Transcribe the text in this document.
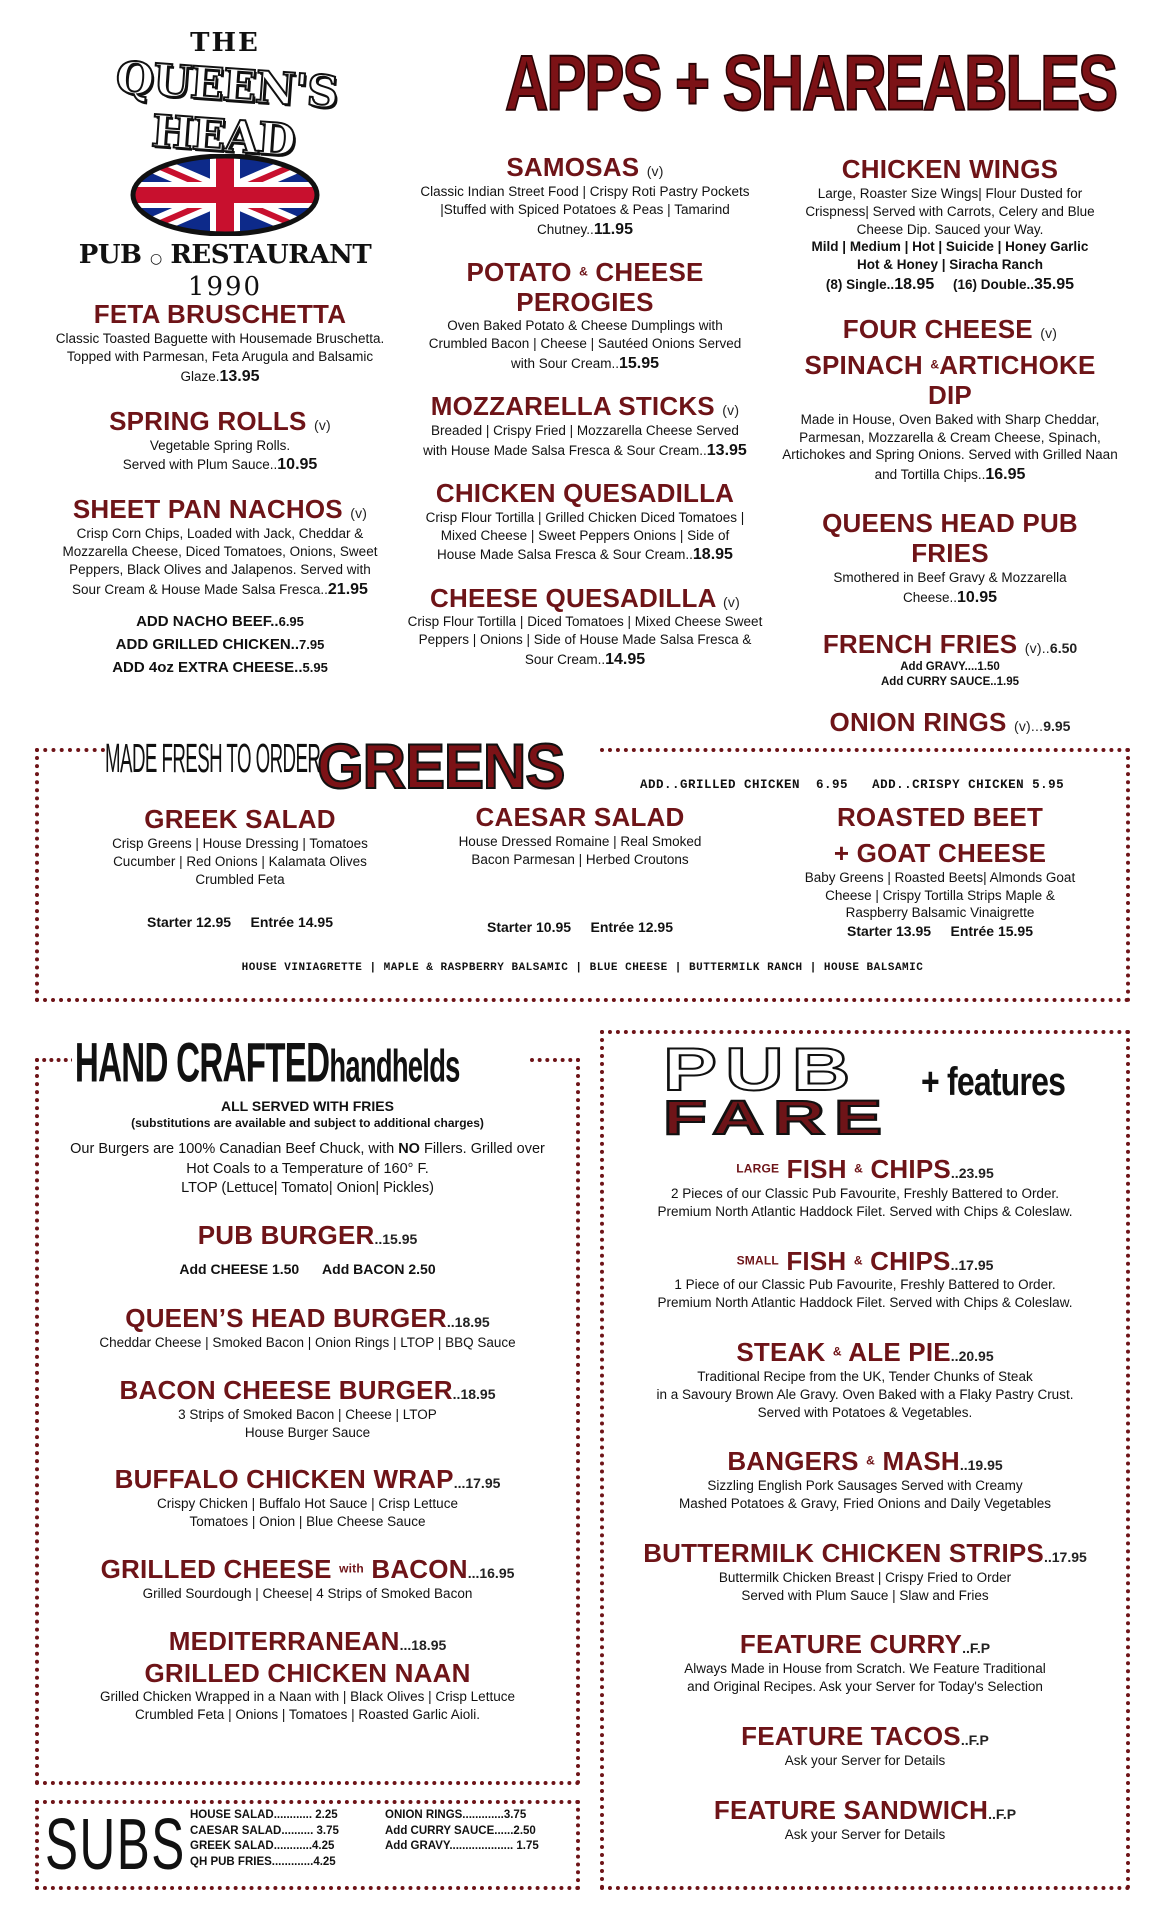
THE
QUEEN'S HEAD
PUB ○ RESTAURANT
1990
APPS + SHAREABLES
FETA BRUSCHETTA
Classic Toasted Baguette with Housemade Bruschetta. Topped with Parmesan, Feta Arugula and Balsamic Glaze.13.95
SPRING ROLLS (v)
Vegetable Spring Rolls.
Served with Plum Sauce..10.95
SHEET PAN NACHOS (v)
Crisp Corn Chips, Loaded with Jack, Cheddar & Mozzarella Cheese, Diced Tomatoes, Onions, Sweet Peppers, Black Olives and Jalapenos. Served with Sour Cream & House Made Salsa Fresca..21.95
ADD NACHO BEEF..6.95
ADD GRILLED CHICKEN..7.95
ADD 4oz EXTRA CHEESE..5.95
SAMOSAS (v)
Classic Indian Street Food | Crispy Roti Pastry Pockets |Stuffed with Spiced Potatoes & Peas | Tamarind Chutney..11.95
POTATO & CHEESE PEROGIES
Oven Baked Potato & Cheese Dumplings with Crumbled Bacon | Cheese | Sautéed Onions Served with Sour Cream..15.95
MOZZARELLA STICKS (v)
Breaded | Crispy Fried | Mozzarella Cheese Served with House Made Salsa Fresca & Sour Cream..13.95
CHICKEN QUESADILLA
Crisp Flour Tortilla | Grilled Chicken Diced Tomatoes | Mixed Cheese | Sweet Peppers Onions | Side of House Made Salsa Fresca & Sour Cream..18.95
CHEESE QUESADILLA (v)
Crisp Flour Tortilla | Diced Tomatoes | Mixed Cheese Sweet Peppers | Onions | Side of House Made Salsa Fresca & Sour Cream..14.95
CHICKEN WINGS
Large, Roaster Size Wings| Flour Dusted for Crispness| Served with Carrots, Celery and Blue Cheese Dip. Sauced your Way.
Mild | Medium | Hot | Suicide | Honey Garlic
Hot & Honey | Siracha Ranch
(8) Single..18.95 (16) Double..35.95
FOUR CHEESE (v)
SPINACH &ARTICHOKE DIP
Made in House, Oven Baked with Sharp Cheddar, Parmesan, Mozzarella & Cream Cheese, Spinach, Artichokes and Spring Onions. Served with Grilled Naan and Tortilla Chips..16.95
QUEENS HEAD PUB FRIES
Smothered in Beef Gravy & Mozzarella
Cheese..10.95
FRENCH FRIES (v)..6.50
Add GRAVY....1.50
Add CURRY SAUCE..1.95
ONION RINGS (v)...9.95
MADE FRESH TO ORDER
GREENS	ADD..GRILLED CHICKEN  6.95 ADD..CRISPY CHICKEN 5.95
GREEK SALAD
Crisp Greens | House Dressing | Tomatoes Cucumber | Red Onions | Kalamata Olives Crumbled Feta
Starter 12.95 Entrée 14.95
CAESAR SALAD
House Dressed Romaine | Real Smoked Bacon Parmesan | Herbed Croutons
Starter 10.95 Entrée 12.95
ROASTED BEET
+ GOAT CHEESE
Baby Greens | Roasted Beets| Almonds Goat Cheese | Crispy Tortilla Strips Maple & Raspberry Balsamic Vinaigrette
Starter 13.95 Entrée 15.95
HOUSE VINIAGRETTE | MAPLE & RASPBERRY BALSAMIC | BLUE CHEESE | BUTTERMILK RANCH | HOUSE BALSAMIC
HAND CRAFTEDhandhelds
ALL SERVED WITH FRIES
(substitutions are available and subject to additional charges)
Our Burgers are 100% Canadian Beef Chuck, with NO Fillers. Grilled over Hot Coals to a Temperature of 160° F.
LTOP (Lettuce| Tomato| Onion| Pickles)
PUB BURGER..15.95
Add CHEESE 1.50 Add BACON 2.50
QUEEN’S HEAD BURGER..18.95
Cheddar Cheese | Smoked Bacon | Onion Rings | LTOP | BBQ Sauce
BACON CHEESE BURGER..18.95
3 Strips of Smoked Bacon | Cheese | LTOP
House Burger Sauce
BUFFALO CHICKEN WRAP...17.95
Crispy Chicken | Buffalo Hot Sauce | Crisp Lettuce
Tomatoes | Onion | Blue Cheese Sauce
GRILLED CHEESE $^{with}$ BACON...16.95
Grilled Sourdough | Cheese| 4 Strips of Smoked Bacon
MEDITERRANEAN...18.95
GRILLED CHICKEN NAAN
Grilled Chicken Wrapped in a Naan with | Black Olives | Crisp Lettuce
Crumbled Feta | Onions | Tomatoes | Roasted Garlic Aioli.
SUBS HOUSE SALAD............ 2.25
CAESAR SALAD.......... 3.75
GREEK SALAD............4.25
QH PUB FRIES.............4.25
ONION RINGS.............3.75
Add CURRY SAUCE......2.50
Add GRAVY.................... 1.75
PUB
FARE
+ features
$^{LARGE}$ FISH & CHIPS..23.95
2 Pieces of our Classic Pub Favourite, Freshly Battered to Order.
Premium North Atlantic Haddock Filet. Served with Chips & Coleslaw.
$^{SMALL}$ FISH & CHIPS..17.95
1 Piece of our Classic Pub Favourite, Freshly Battered to Order.
Premium North Atlantic Haddock Filet. Served with Chips & Coleslaw.
STEAK & ALE PIE..20.95
Traditional Recipe from the UK, Tender Chunks of Steak
in a Savoury Brown Ale Gravy. Oven Baked with a Flaky Pastry Crust.
Served with Potatoes & Vegetables.
BANGERS & MASH..19.95
Sizzling English Pork Sausages Served with Creamy
Mashed Potatoes & Gravy, Fried Onions and Daily Vegetables
BUTTERMILK CHICKEN STRIPS..17.95
Buttermilk Chicken Breast | Crispy Fried to Order
Served with Plum Sauce | Slaw and Fries
FEATURE CURRY..F.P
Always Made in House from Scratch. We Feature Traditional
and Original Recipes. Ask your Server for Today's Selection
FEATURE TACOS..F.P
Ask your Server for Details
FEATURE SANDWICH..F.P
Ask your Server for Details
